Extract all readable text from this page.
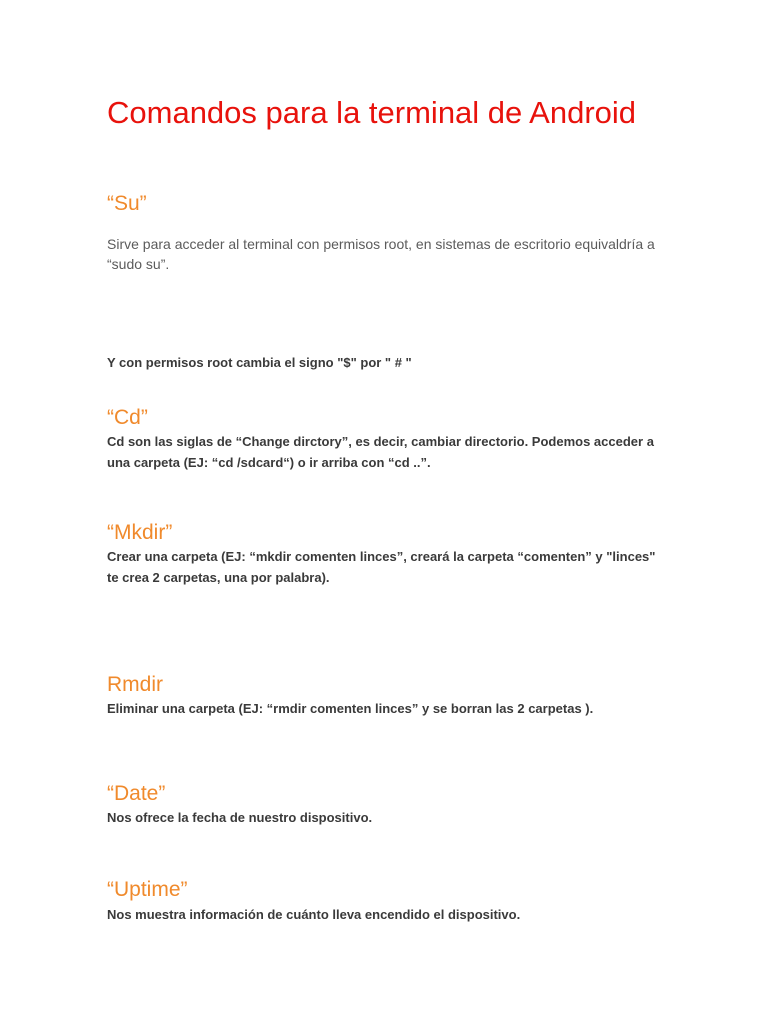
Comandos para la terminal de Android
“Su”

Sirve para acceder al terminal con permisos root, en sistemas de escritorio equivaldría a “sudo su”.

Y con permisos root cambia el signo "$" por " # "

“Cd”

Cd son las siglas de “Change dirctory”, es decir, cambiar directorio. Podemos acceder a una carpeta (EJ: “cd /sdcard“) o ir arriba con “cd ..”.

“Mkdir”

Crear una carpeta (EJ: “mkdir comenten linces”, creará la carpeta “comenten” y "linces" te crea 2 carpetas, una por palabra).

Rmdir

Eliminar una carpeta (EJ: “rmdir comenten linces” y se borran las 2 carpetas ).

“Date”

Nos ofrece la fecha de nuestro dispositivo.

“Uptime”

Nos muestra información de cuánto lleva encendido el dispositivo.
